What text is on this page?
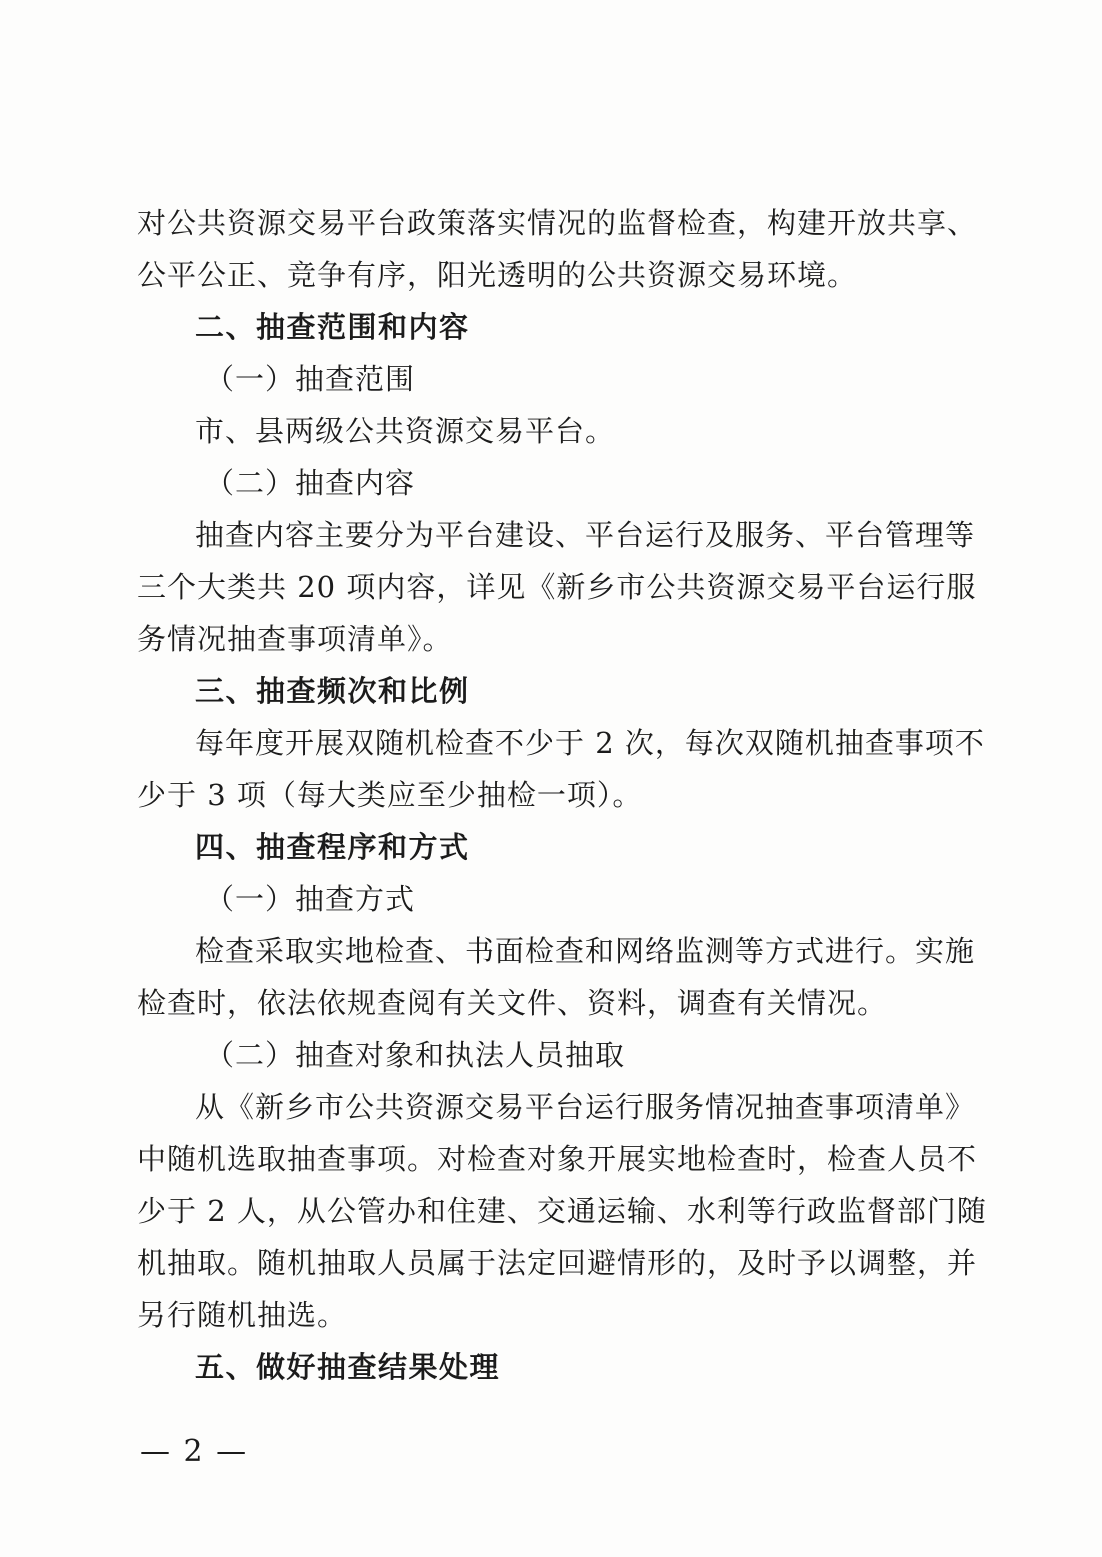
对公共资源交易平台政策落实情况的监督检查，构建开放共享、
公平公正、竞争有序，阳光透明的公共资源交易环境。
二、抽查范围和内容
（一）抽查范围
市、县两级公共资源交易平台。
（二）抽查内容
抽查内容主要分为平台建设、平台运行及服务、平台管理等
三个大类共 20 项内容，详见《新乡市公共资源交易平台运行服
务情况抽查事项清单》。
三、抽查频次和比例
每年度开展双随机检查不少于 2 次，每次双随机抽查事项不
少于 3 项（每大类应至少抽检一项）。
四、抽查程序和方式
（一）抽查方式
检查采取实地检查、书面检查和网络监测等方式进行。实施
检查时，依法依规查阅有关文件、资料，调查有关情况。
（二）抽查对象和执法人员抽取
从《新乡市公共资源交易平台运行服务情况抽查事项清单》
中随机选取抽查事项。对检查对象开展实地检查时，检查人员不
少于 2 人，从公管办和住建、交通运输、水利等行政监督部门随
机抽取。随机抽取人员属于法定回避情形的，及时予以调整，并
另行随机抽选。
五、做好抽查结果处理
— 2 —
